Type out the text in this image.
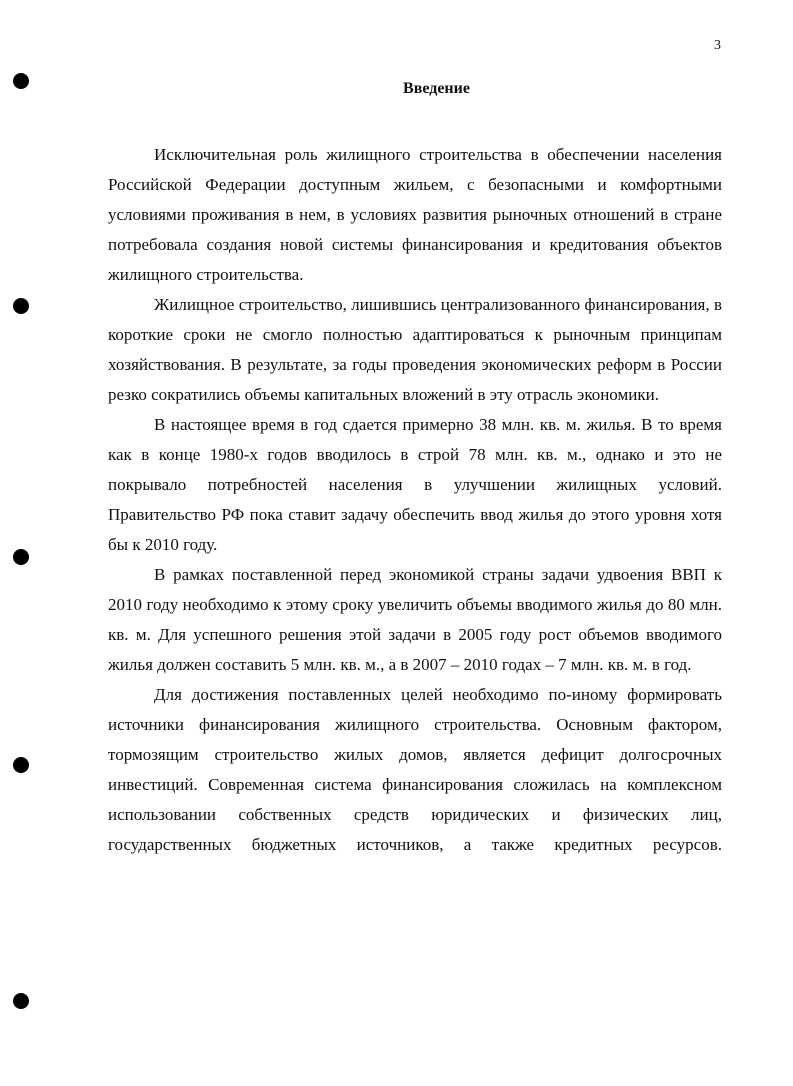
3
Введение

Исключительная роль жилищного строительства в обеспечении населения Российской Федерации доступным жильем, с безопасными и комфортными условиями проживания в нем, в условиях развития рыночных отношений в стране потребовала создания новой системы финансирования и кредитования объектов жилищного строительства.

Жилищное строительство, лишившись централизованного финансирования, в короткие сроки не смогло полностью адаптироваться к рыночным принципам хозяйствования. В результате, за годы проведения экономических реформ в России резко сократились объемы капитальных вложений в эту отрасль экономики.

В настоящее время в год сдается примерно 38 млн. кв. м. жилья. В то время как в конце 1980-х годов вводилось в строй 78 млн. кв. м., однако и это не покрывало потребностей населения в улучшении жилищных условий. Правительство РФ пока ставит задачу обеспечить ввод жилья до этого уровня хотя бы к 2010 году.

В рамках поставленной перед экономикой страны задачи удвоения ВВП к 2010 году необходимо к этому сроку увеличить объемы вводимого жилья до 80 млн. кв. м. Для успешного решения этой задачи в 2005 году рост объемов вводимого жилья должен составить 5 млн. кв. м., а в 2007 – 2010 годах – 7 млн. кв. м. в год.

Для достижения поставленных целей необходимо по-иному формировать источники финансирования жилищного строительства. Основным фактором, тормозящим строительство жилых домов, является дефицит долгосрочных инвестиций. Современная система финансирования сложилась на комплексном использовании собственных средств юридических и физических лиц, государственных бюджетных источников, а также кредитных ресурсов.
